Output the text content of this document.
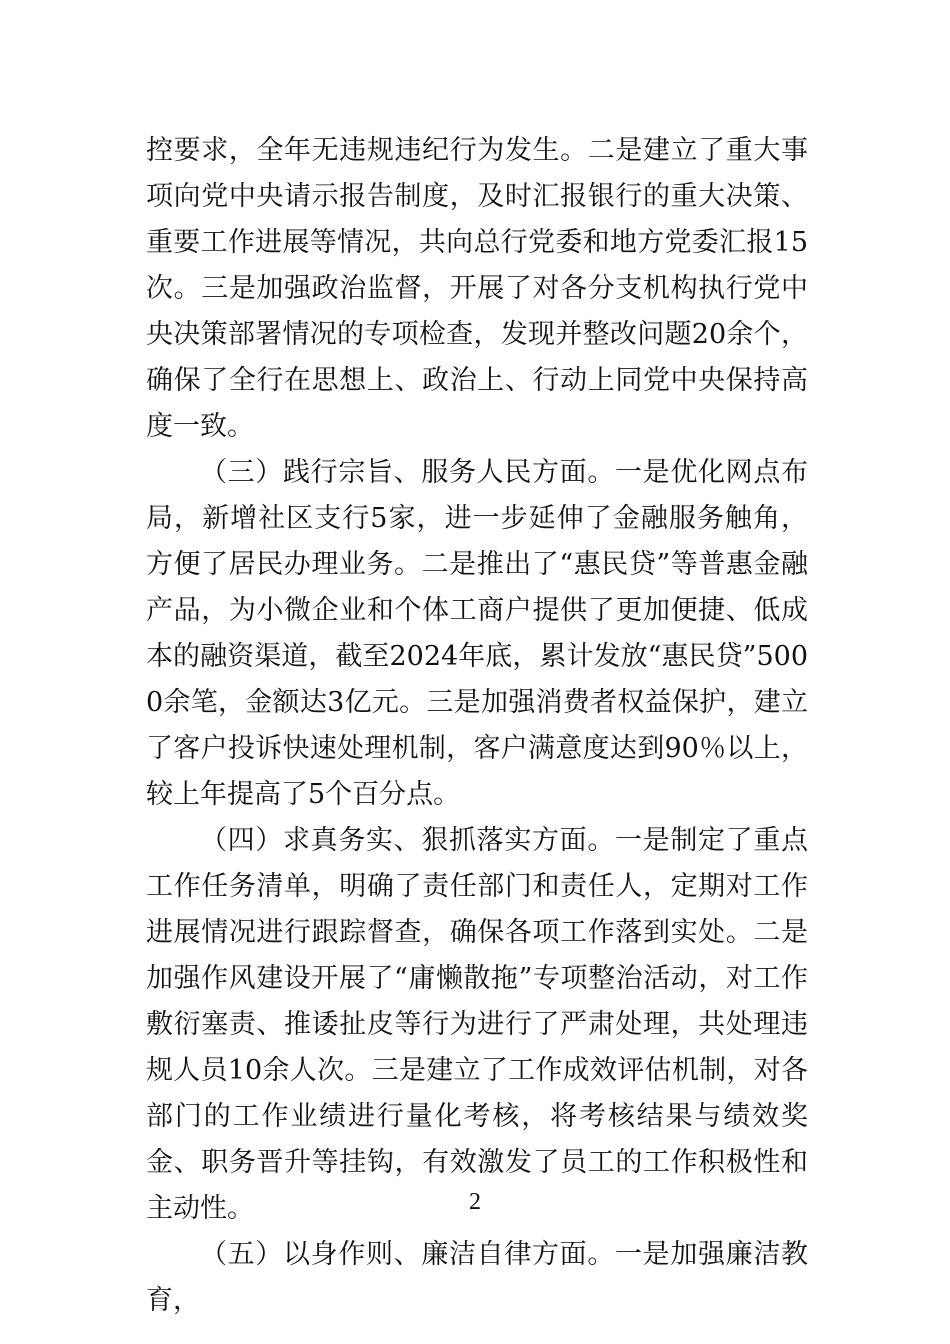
控要求，全年无违规违纪行为发生。二是建立了重大事项向党中央请示报告制度，及时汇报银行的重大决策、重要工作进展等情况，共向总行党委和地方党委汇报15次。三是加强政治监督，开展了对各分支机构执行党中央决策部署情况的专项检查，发现并整改问题20余个，确保了全行在思想上、政治上、行动上同党中央保持高度一致。

（三）践行宗旨、服务人民方面。一是优化网点布局，新增社区支行5家，进一步延伸了金融服务触角，方便了居民办理业务。二是推出了“惠民贷”等普惠金融产品，为小微企业和个体工商户提供了更加便捷、低成本的融资渠道，截至2024年底，累计发放“惠民贷”5000余笔，金额达3亿元。三是加强消费者权益保护，建立了客户投诉快速处理机制，客户满意度达到90％以上，较上年提高了5个百分点。

（四）求真务实、狠抓落实方面。一是制定了重点工作任务清单，明确了责任部门和责任人，定期对工作进展情况进行跟踪督查，确保各项工作落到实处。二是加强作风建设开展了“庸懒散拖”专项整治活动，对工作敷衍塞责、推诿扯皮等行为进行了严肃处理，共处理违规人员10余人次。三是建立了工作成效评估机制，对各部门的工作业绩进行量化考核，将考核结果与绩效奖金、职务晋升等挂钩，有效激发了员工的工作积极性和主动性。

（五）以身作则、廉洁自律方面。一是加强廉洁教育，

2
